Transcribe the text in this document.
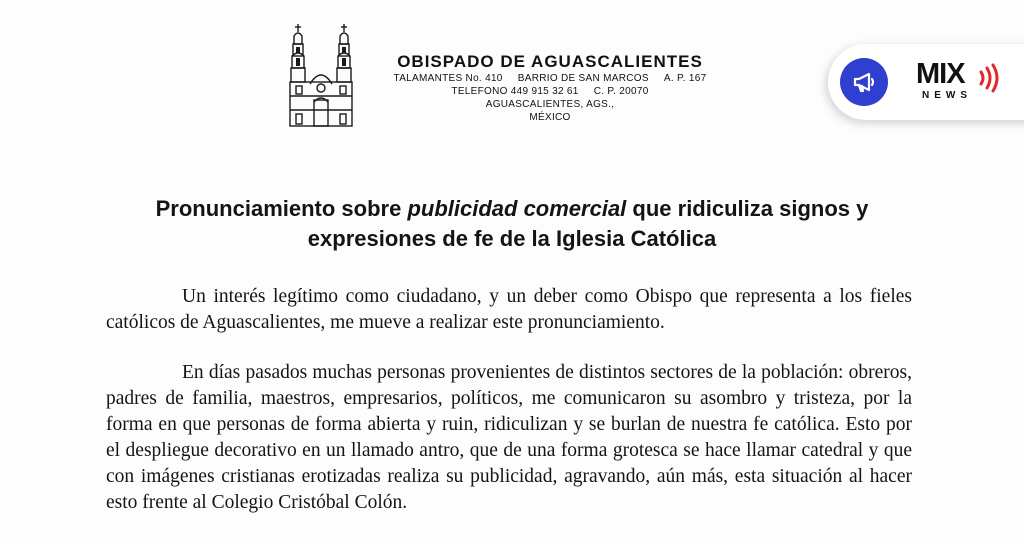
OBISPADO DE AGUASCALIENTES
TALAMANTES No. 410 BARRIO DE SAN MARCOS A. P. 167
TELEFONO 449 915 32 61 C. P. 20070
AGUASCALIENTES, AGS.,
MÉXICO
MIX
NEWS
Pronunciamiento sobre publicidad comercial que ridiculiza signos y
expresiones de fe de la Iglesia Católica
Un interés legítimo como ciudadano, y un deber como Obispo que representa a los fieles católicos de Aguascalientes, me mueve a realizar este pronunciamiento.
En días pasados muchas personas provenientes de distintos sectores de la población: obreros, padres de familia, maestros, empresarios, políticos, me comunicaron su asombro y tristeza, por la forma en que personas de forma abierta y ruin, ridiculizan y se burlan de nuestra fe católica. Esto por el despliegue decorativo en un llamado antro, que de una forma grotesca se hace llamar catedral y que con imágenes cristianas erotizadas realiza su publicidad, agravando, aún más, esta situación al hacer esto frente al Colegio Cristóbal Colón.
